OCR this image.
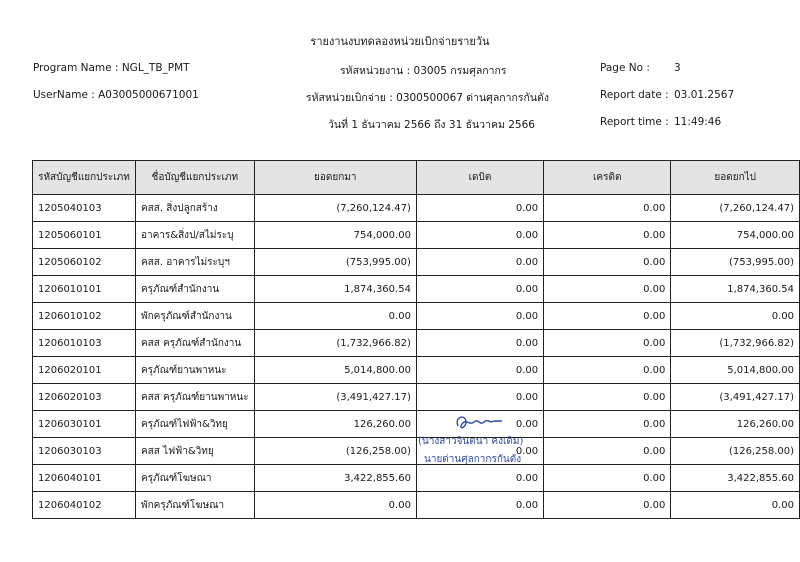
รายงานงบทดลองหน่วยเบิกจ่ายรายวัน
Program Name : NGL_TB_PMT
UserName : A03005000671001
รหัสหน่วยงาน : 03005 กรมศุลกากร
รหัสหน่วยเบิกจ่าย : 0300500067 ด่านศุลกากรกันตัง
วันที่ 1 ธันวาคม 2566 ถึง 31 ธันวาคม 2566
Page No : 3
Report date : 03.01.2567
Report time : 11:49:46
รหัสบัญชีแยกประเภท	ชื่อบัญชีแยกประเภท	ยอดยกมา	เดบิต	เครดิต	ยอดยกไป
1205040103	คสส. สิ่งปลูกสร้าง	(7,260,124.47)	0.00	0.00	(7,260,124.47)
1205060101	อาคาร&สิ่งป/สไม่ระบุ	754,000.00	0.00	0.00	754,000.00
1205060102	คสส. อาคารไม่ระบุฯ	(753,995.00)	0.00	0.00	(753,995.00)
1206010101	ครุภัณฑ์สำนักงาน	1,874,360.54	0.00	0.00	1,874,360.54
1206010102	พักครุภัณฑ์สำนักงาน	0.00	0.00	0.00	0.00
1206010103	คสส ครุภัณฑ์สำนักงาน	(1,732,966.82)	0.00	0.00	(1,732,966.82)
1206020101	ครุภัณฑ์ยานพาหนะ	5,014,800.00	0.00	0.00	5,014,800.00
1206020103	คสส ครุภัณฑ์ยานพาหนะ	(3,491,427.17)	0.00	0.00	(3,491,427.17)
1206030101	ครุภัณฑ์ไฟฟ้า&วิทยุ	126,260.00	0.00	0.00	126,260.00
1206030103	คสส ไฟฟ้า&วิทยุ	(126,258.00)	0.00	0.00	(126,258.00)
1206040101	ครุภัณฑ์โฆษณา	3,422,855.60	0.00	0.00	3,422,855.60
1206040102	พักครุภัณฑ์โฆษณา	0.00	0.00	0.00	0.00
(นางสาวจินตนา คงเดิม)
นายด่านศุลกากรกันตัง
